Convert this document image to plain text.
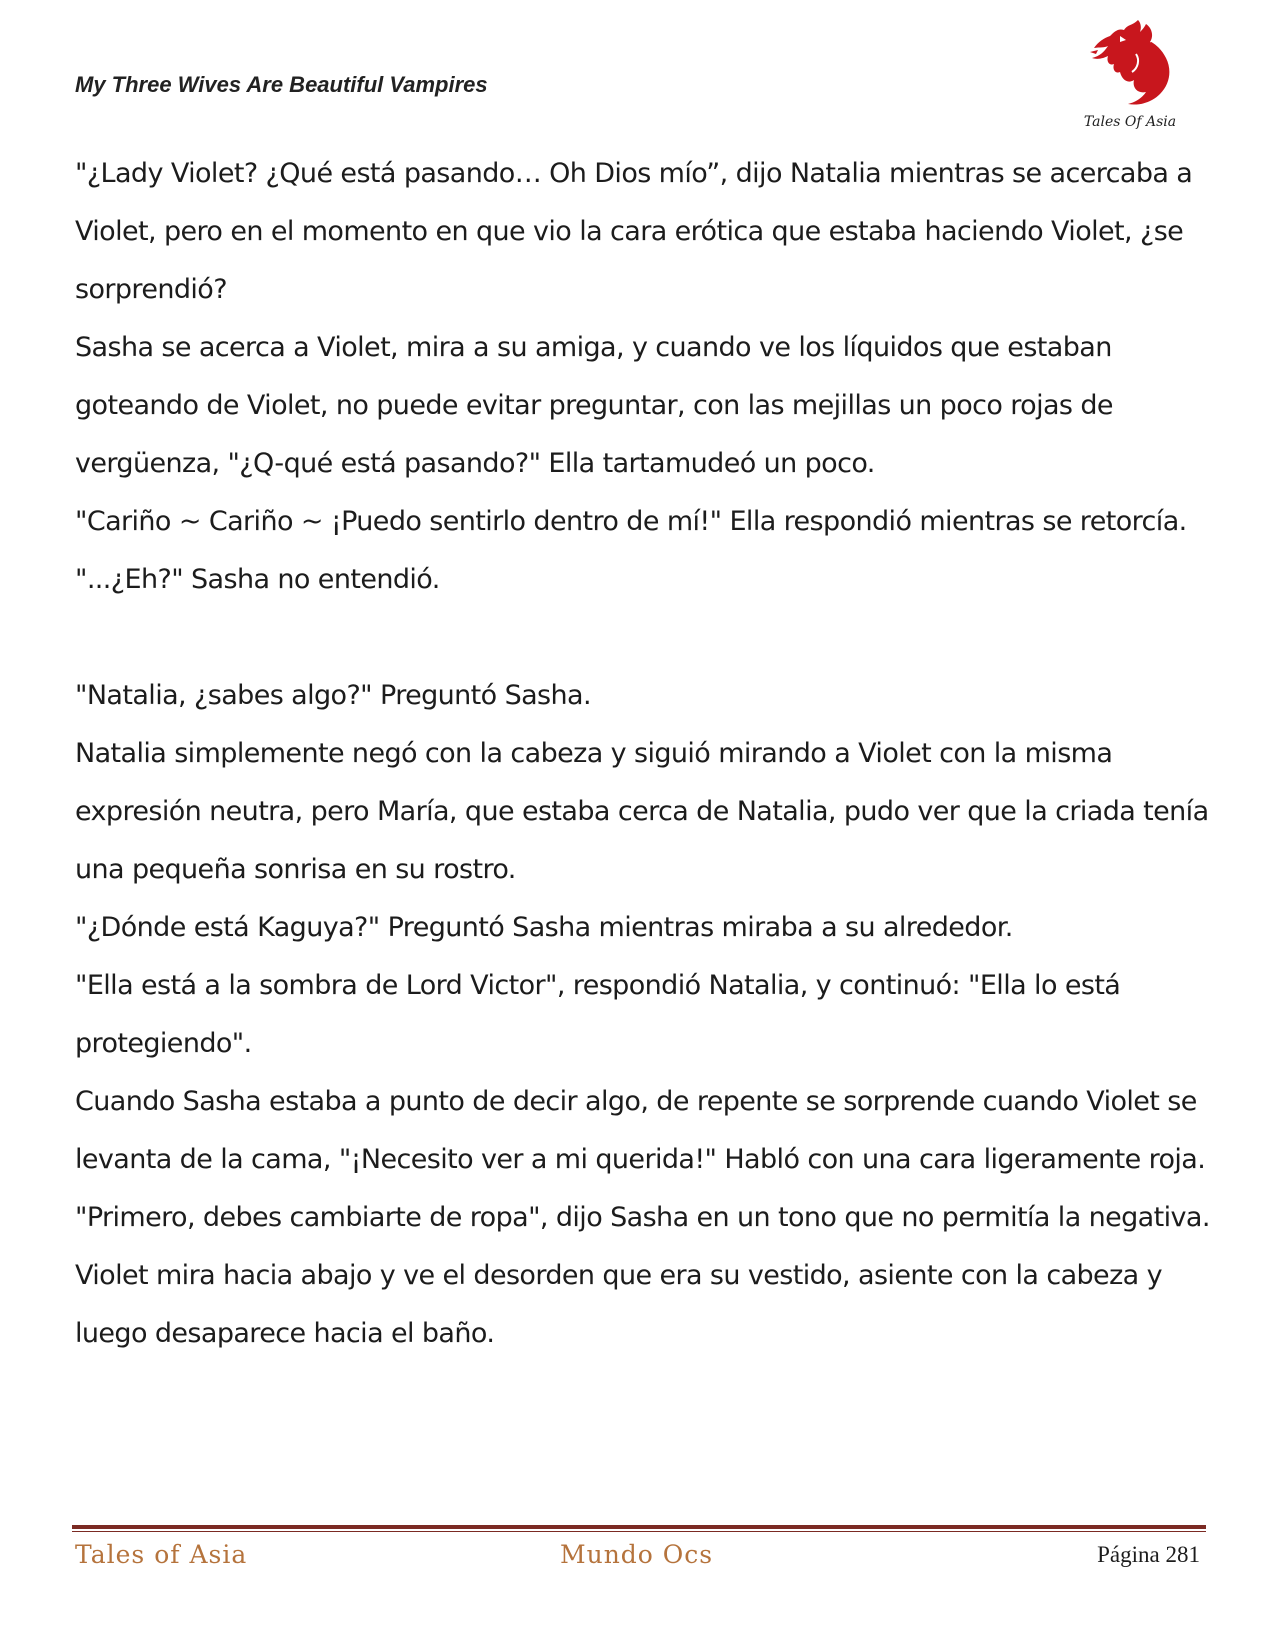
My Three Wives Are Beautiful Vampires
Tales Of Asia

"¿Lady Violet? ¿Qué está pasando… Oh Dios mío”, dijo Natalia mientras se acercaba a

Violet, pero en el momento en que vio la cara erótica que estaba haciendo Violet, ¿se

sorprendió?

Sasha se acerca a Violet, mira a su amiga, y cuando ve los líquidos que estaban

goteando de Violet, no puede evitar preguntar, con las mejillas un poco rojas de

vergüenza, "¿Q-qué está pasando?" Ella tartamudeó un poco.

"Cariño ~ Cariño ~ ¡Puedo sentirlo dentro de mí!" Ella respondió mientras se retorcía.

"...¿Eh?" Sasha no entendió.

"Natalia, ¿sabes algo?" Preguntó Sasha.

Natalia simplemente negó con la cabeza y siguió mirando a Violet con la misma

expresión neutra, pero María, que estaba cerca de Natalia, pudo ver que la criada tenía

una pequeña sonrisa en su rostro.

"¿Dónde está Kaguya?" Preguntó Sasha mientras miraba a su alrededor.

"Ella está a la sombra de Lord Victor", respondió Natalia, y continuó: "Ella lo está

protegiendo".

Cuando Sasha estaba a punto de decir algo, de repente se sorprende cuando Violet se

levanta de la cama, "¡Necesito ver a mi querida!" Habló con una cara ligeramente roja.

"Primero, debes cambiarte de ropa", dijo Sasha en un tono que no permitía la negativa.

Violet mira hacia abajo y ve el desorden que era su vestido, asiente con la cabeza y

luego desaparece hacia el baño.

Tales of Asia	Mundo Ocs	Página 281
